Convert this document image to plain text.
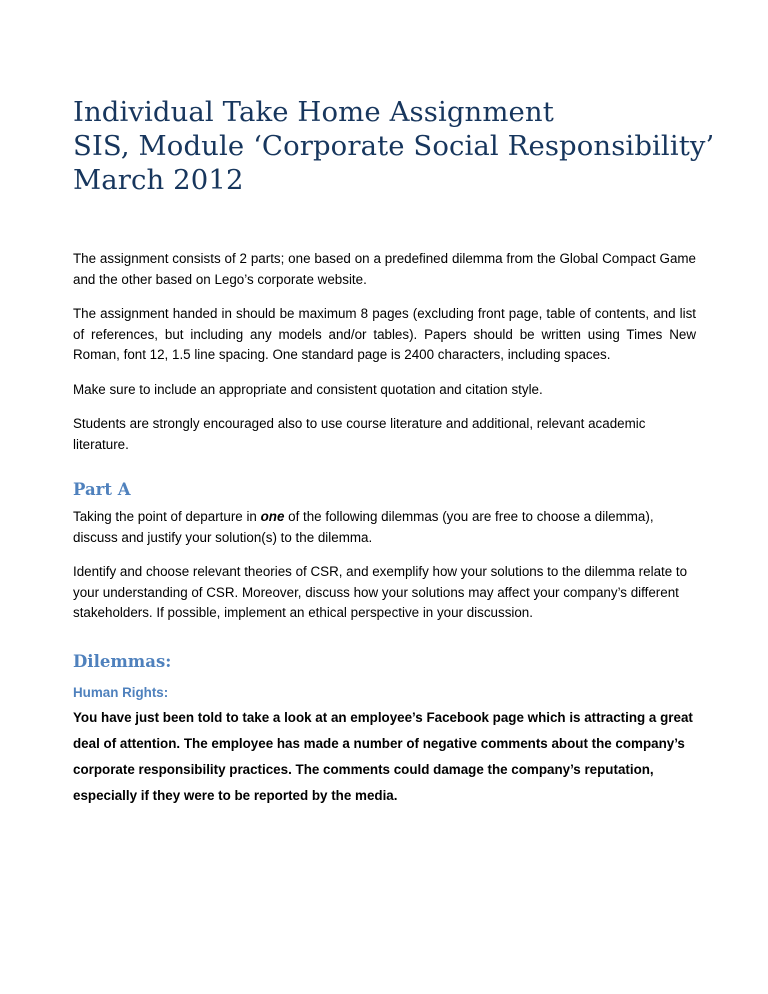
Individual Take Home Assignment
SIS, Module ‘Corporate Social Responsibility’
March 2012

The assignment consists of 2 parts; one based on a predefined dilemma from the Global Compact Game and the other based on Lego’s corporate website.

The assignment handed in should be maximum 8 pages (excluding front page, table of contents, and list of references, but including any models and/or tables). Papers should be written using Times New Roman, font 12, 1.5 line spacing. One standard page is 2400 characters, including spaces.

Make sure to include an appropriate and consistent quotation and citation style.

Students are strongly encouraged also to use course literature and additional, relevant academic literature.

Part A

Taking the point of departure in one of the following dilemmas (you are free to choose a dilemma), discuss and justify your solution(s) to the dilemma.

Identify and choose relevant theories of CSR, and exemplify how your solutions to the dilemma relate to your understanding of CSR. Moreover, discuss how your solutions may affect your company’s different stakeholders. If possible, implement an ethical perspective in your discussion.

Dilemmas:
Human Rights:

You have just been told to take a look at an employee’s Facebook page which is attracting a great deal of attention. The employee has made a number of negative comments about the company’s corporate responsibility practices. The comments could damage the company’s reputation, especially if they were to be reported by the media.
